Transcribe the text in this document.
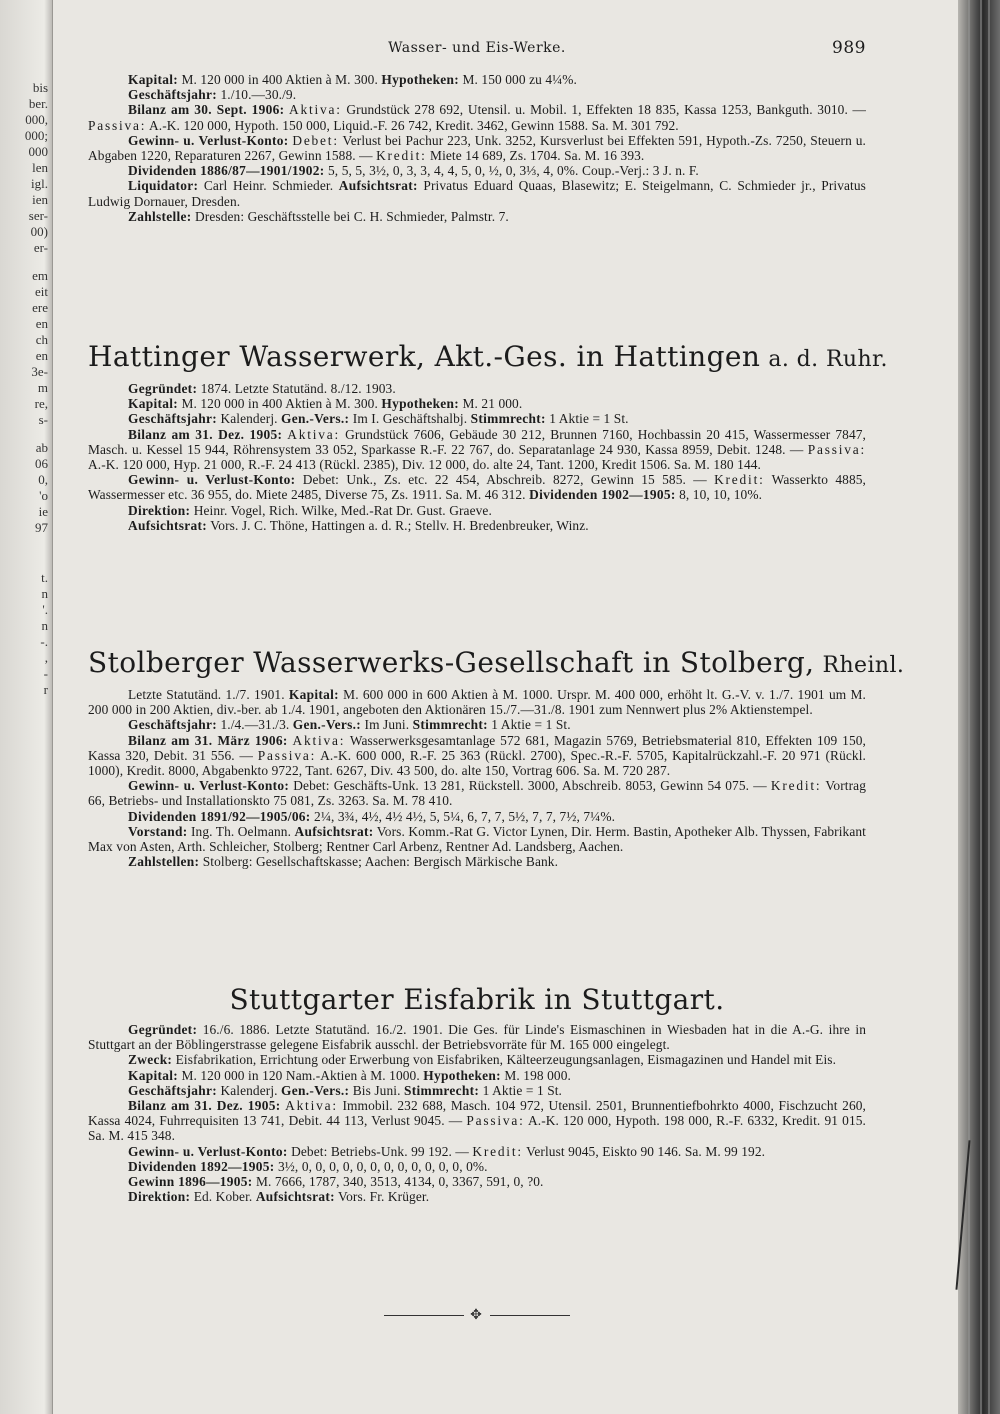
bis
ber.
000,
000;
000
len
igl.
ien
ser-
00)
er-
em
eit
ere
en
ch
en
3e-
m
re,
s-
ab
06
0,
'o
ie
97
t.
n
'.
n
-.
,
-
r
Wasser- und Eis-Werke.	989

Kapital: M. 120 000 in 400 Aktien à M. 300. Hypotheken: M. 150 000 zu 4¼%.

Geschäftsjahr: 1./10.—30./9.

Bilanz am 30. Sept. 1906: Aktiva: Grundstück 278 692, Utensil. u. Mobil. 1, Effekten 18 835, Kassa 1253, Bankguth. 3010. — Passiva: A.-K. 120 000, Hypoth. 150 000, Liquid.-F. 26 742, Kredit. 3462, Gewinn 1588. Sa. M. 301 792.

Gewinn- u. Verlust-Konto: Debet: Verlust bei Pachur 223, Unk. 3252, Kursverlust bei Effekten 591, Hypoth.-Zs. 7250, Steuern u. Abgaben 1220, Reparaturen 2267, Gewinn 1588. — Kredit: Miete 14 689, Zs. 1704. Sa. M. 16 393.

Dividenden 1886/87—1901/1902: 5, 5, 5, 3½, 0, 3, 3, 4, 4, 5, 0, ½, 0, 3⅓, 4, 0%. Coup.-Verj.: 3 J. n. F.

Liquidator: Carl Heinr. Schmieder. Aufsichtsrat: Privatus Eduard Quaas, Blasewitz; E. Steigelmann, C. Schmieder jr., Privatus Ludwig Dornauer, Dresden.

Zahlstelle: Dresden: Geschäftsstelle bei C. H. Schmieder, Palmstr. 7.

Hattinger Wasserwerk, Akt.-Ges. in Hattingen a. d. Ruhr.

Gegründet: 1874. Letzte Statutänd. 8./12. 1903.

Kapital: M. 120 000 in 400 Aktien à M. 300. Hypotheken: M. 21 000.

Geschäftsjahr: Kalenderj. Gen.-Vers.: Im I. Geschäftshalbj. Stimmrecht: 1 Aktie = 1 St.

Bilanz am 31. Dez. 1905: Aktiva: Grundstück 7606, Gebäude 30 212, Brunnen 7160, Hochbassin 20 415, Wassermesser 7847, Masch. u. Kessel 15 944, Röhrensystem 33 052, Sparkasse R.-F. 22 767, do. Separatanlage 24 930, Kassa 8959, Debit. 1248. — Passiva: A.-K. 120 000, Hyp. 21 000, R.-F. 24 413 (Rückl. 2385), Div. 12 000, do. alte 24, Tant. 1200, Kredit 1506. Sa. M. 180 144.

Gewinn- u. Verlust-Konto: Debet: Unk., Zs. etc. 22 454, Abschreib. 8272, Gewinn 15 585. — Kredit: Wasserkto 4885, Wassermesser etc. 36 955, do. Miete 2485, Diverse 75, Zs. 1911. Sa. M. 46 312. Dividenden 1902—1905: 8, 10, 10, 10%.

Direktion: Heinr. Vogel, Rich. Wilke, Med.-Rat Dr. Gust. Graeve.

Aufsichtsrat: Vors. J. C. Thöne, Hattingen a. d. R.; Stellv. H. Bredenbreuker, Winz.

Stolberger Wasserwerks-Gesellschaft in Stolberg, Rheinl.

Letzte Statutänd. 1./7. 1901. Kapital: M. 600 000 in 600 Aktien à M. 1000. Urspr. M. 400 000, erhöht lt. G.-V. v. 1./7. 1901 um M. 200 000 in 200 Aktien, div.-ber. ab 1./4. 1901, angeboten den Aktionären 15./7.—31./8. 1901 zum Nennwert plus 2% Aktienstempel.

Geschäftsjahr: 1./4.—31./3. Gen.-Vers.: Im Juni. Stimmrecht: 1 Aktie = 1 St.

Bilanz am 31. März 1906: Aktiva: Wasserwerksgesamtanlage 572 681, Magazin 5769, Betriebsmaterial 810, Effekten 109 150, Kassa 320, Debit. 31 556. — Passiva: A.-K. 600 000, R.-F. 25 363 (Rückl. 2700), Spec.-R.-F. 5705, Kapitalrückzahl.-F. 20 971 (Rückl. 1000), Kredit. 8000, Abgabenkto 9722, Tant. 6267, Div. 43 500, do. alte 150, Vortrag 606. Sa. M. 720 287.

Gewinn- u. Verlust-Konto: Debet: Geschäfts-Unk. 13 281, Rückstell. 3000, Abschreib. 8053, Gewinn 54 075. — Kredit: Vortrag 66, Betriebs- und Installationskto 75 081, Zs. 3263. Sa. M. 78 410.

Dividenden 1891/92—1905/06: 2¼, 3¾, 4½, 4½ 4½, 5, 5¼, 6, 7, 7, 5½, 7, 7, 7½, 7¼%.

Vorstand: Ing. Th. Oelmann. Aufsichtsrat: Vors. Komm.-Rat G. Victor Lynen, Dir. Herm. Bastin, Apotheker Alb. Thyssen, Fabrikant Max von Asten, Arth. Schleicher, Stolberg; Rentner Carl Arbenz, Rentner Ad. Landsberg, Aachen.

Zahlstellen: Stolberg: Gesellschaftskasse; Aachen: Bergisch Märkische Bank.

Stuttgarter Eisfabrik in Stuttgart.

Gegründet: 16./6. 1886. Letzte Statutänd. 16./2. 1901. Die Ges. für Linde's Eismaschinen in Wiesbaden hat in die A.-G. ihre in Stuttgart an der Böblingerstrasse gelegene Eisfabrik ausschl. der Betriebsvorräte für M. 165 000 eingelegt.

Zweck: Eisfabrikation, Errichtung oder Erwerbung von Eisfabriken, Kälteerzeugungsanlagen, Eismagazinen und Handel mit Eis.

Kapital: M. 120 000 in 120 Nam.-Aktien à M. 1000. Hypotheken: M. 198 000.

Geschäftsjahr: Kalenderj. Gen.-Vers.: Bis Juni. Stimmrecht: 1 Aktie = 1 St.

Bilanz am 31. Dez. 1905: Aktiva: Immobil. 232 688, Masch. 104 972, Utensil. 2501, Brunnentiefbohrkto 4000, Fischzucht 260, Kassa 4024, Fuhrrequisiten 13 741, Debit. 44 113, Verlust 9045. — Passiva: A.-K. 120 000, Hypoth. 198 000, R.-F. 6332, Kredit. 91 015. Sa. M. 415 348.

Gewinn- u. Verlust-Konto: Debet: Betriebs-Unk. 99 192. — Kredit: Verlust 9045, Eiskto 90 146. Sa. M. 99 192.

Dividenden 1892—1905: 3½, 0, 0, 0, 0, 0, 0, 0, 0, 0, 0, 0, 0, 0%.

Gewinn 1896—1905: M. 7666, 1787, 340, 3513, 4134, 0, 3367, 591, 0, ?0.

Direktion: Ed. Kober. Aufsichtsrat: Vors. Fr. Krüger.

✥
